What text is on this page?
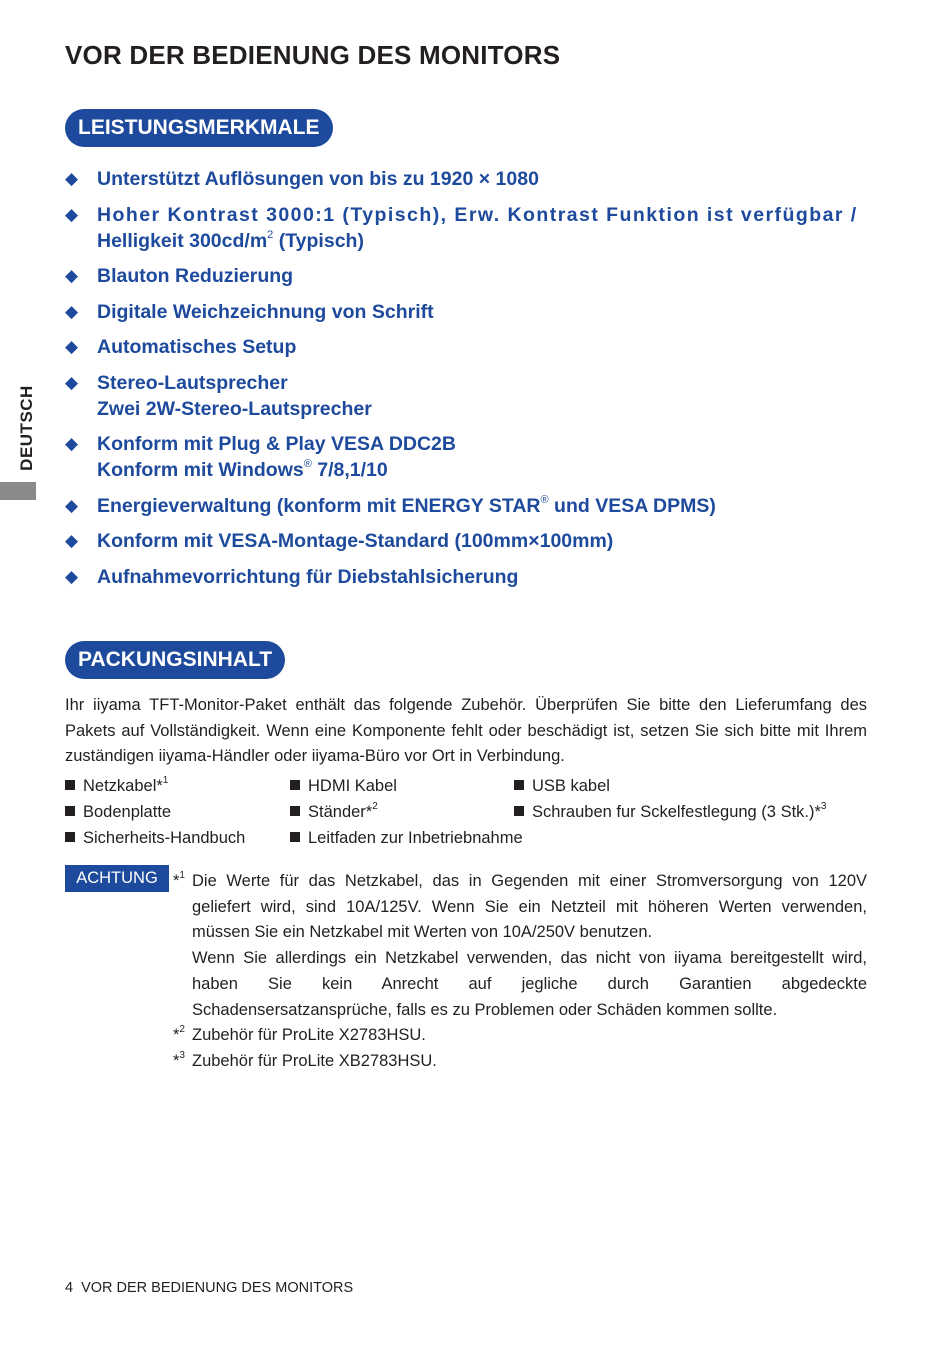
VOR DER BEDIENUNG DES MONITORS
DEUTSCH
LEISTUNGSMERKMALE
◆ Unterstützt Auflösungen von bis zu 1920 × 1080
◆ Hoher Kontrast 3000:1 (Typisch), Erw. Kontrast Funktion ist verfügbar /
Helligkeit $300cd/m^2$ (Typisch)
◆ Blauton Reduzierung
◆ Digitale Weichzeichnung von Schrift
◆ Automatisches Setup
◆ Stereo-Lautsprecher
Zwei 2W-Stereo-Lautsprecher
◆ Konform mit Plug & Play VESA DDC2B
Konform mit Windows® 7/8,1/10
◆ Energieverwaltung (konform mit ENERGY STAR® und VESA DPMS)
◆ Konform mit VESA-Montage-Standard (100mm×100mm)
◆ Aufnahmevorrichtung für Diebstahlsicherung
PACKUNGSINHALT

Ihr iiyama TFT-Monitor-Paket enthält das folgende Zubehör. Überprüfen Sie bitte den Lieferumfang des Pakets auf Vollständigkeit. Wenn eine Komponente fehlt oder beschädigt ist, setzen Sie sich bitte mit Ihrem zuständigen iiyama-Händler oder iiyama-Büro vor Ort in Verbindung.

Netzkabel*$^1$	HDMI Kabel	USB kabel
Bodenplatte	Ständer*$^2$	Schrauben fur Sckelfestlegung (3 Stk.)*$^3$
Sicherheits-Handbuch	Leitfaden zur Inbetriebnahme
ACHTUNG *$^1$ Die Werte für das Netzkabel, das in Gegenden mit einer Stromversorgung von 120V geliefert wird, sind 10A/125V. Wenn Sie ein Netzteil mit höheren Werten verwenden, müssen Sie ein Netzkabel mit Werten von 10A/250V benutzen.

Wenn Sie allerdings ein Netzkabel verwenden, das nicht von iiyama bereitgestellt wird, haben Sie kein Anrecht auf jegliche durch Garantien abgedeckte Schadensersatzansprüche, falls es zu Problemen oder Schäden kommen sollte.

*$^2$ Zubehör für ProLite X2783HSU.

*$^3$ Zubehör für ProLite XB2783HSU.

4 VOR DER BEDIENUNG DES MONITORS
